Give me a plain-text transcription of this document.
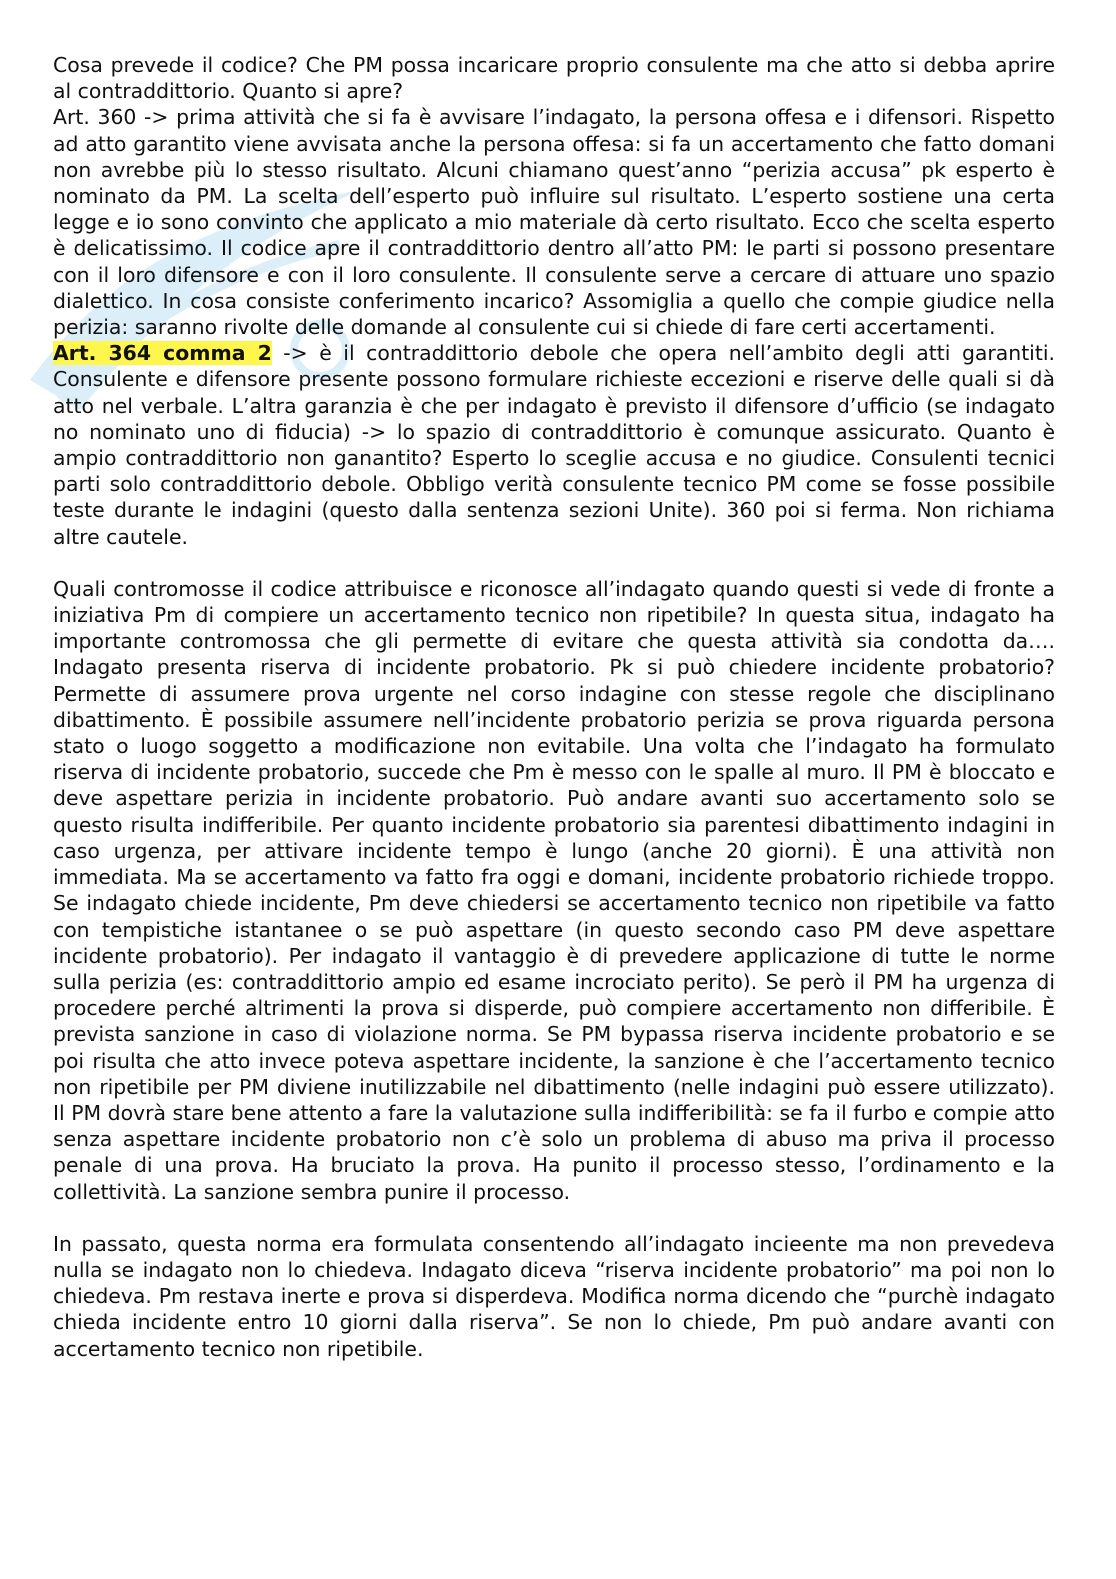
Cosa prevede il codice? Che PM possa incaricare proprio consulente ma che atto si debba aprire al contraddittorio. Quanto si apre?
Art. 360 -> prima attività che si fa è avvisare l’indagato, la persona offesa e i difensori. Rispetto ad atto garantito viene avvisata anche la persona offesa: si fa un accertamento che fatto domani non avrebbe più lo stesso risultato. Alcuni chiamano quest’anno “perizia accusa” pk esperto è nominato da PM. La scelta dell’esperto può influire sul risultato. L’esperto sostiene una certa legge e io sono convinto che applicato a mio materiale dà certo risultato. Ecco che scelta esperto è delicatissimo. Il codice apre il contraddittorio dentro all’atto PM: le parti si possono presentare con il loro difensore e con il loro consulente. Il consulente serve a cercare di attuare uno spazio dialettico. In cosa consiste conferimento incarico? Assomiglia a quello che compie giudice nella perizia: saranno rivolte delle domande al consulente cui si chiede di fare certi accertamenti.
Art. 364 comma 2 -> è il contraddittorio debole che opera nell’ambito degli atti garantiti. Consulente e difensore presente possono formulare richieste eccezioni e riserve delle quali si dà atto nel verbale. L’altra garanzia è che per indagato è previsto il difensore d’ufficio (se indagato no nominato uno di fiducia) -> lo spazio di contraddittorio è comunque assicurato. Quanto è ampio contraddittorio non ganantito? Esperto lo sceglie accusa e no giudice. Consulenti tecnici parti solo contraddittorio debole. Obbligo verità consulente tecnico PM come se fosse possibile teste durante le indagini (questo dalla sentenza sezioni Unite). 360 poi si ferma. Non richiama altre cautele.

Quali contromosse il codice attribuisce e riconosce all’indagato quando questi si vede di fronte a iniziativa Pm di compiere un accertamento tecnico non ripetibile? In questa situa, indagato ha importante contromossa che gli permette di evitare che questa attività sia condotta da…. Indagato presenta riserva di incidente probatorio. Pk si può chiedere incidente probatorio? Permette di assumere prova urgente nel corso indagine con stesse regole che disciplinano dibattimento. È possibile assumere nell’incidente probatorio perizia se prova riguarda persona stato o luogo soggetto a modificazione non evitabile. Una volta che l’indagato ha formulato riserva di incidente probatorio, succede che Pm è messo con le spalle al muro. Il PM è bloccato e deve aspettare perizia in incidente probatorio. Può andare avanti suo accertamento solo se questo risulta indifferibile. Per quanto incidente probatorio sia parentesi dibattimento indagini in caso urgenza, per attivare incidente tempo è lungo (anche 20 giorni). È una attività non immediata. Ma se accertamento va fatto fra oggi e domani, incidente probatorio richiede troppo. Se indagato chiede incidente, Pm deve chiedersi se accertamento tecnico non ripetibile va fatto con tempistiche istantanee o se può aspettare (in questo secondo caso PM deve aspettare incidente probatorio). Per indagato il vantaggio è di prevedere applicazione di tutte le norme sulla perizia (es: contraddittorio ampio ed esame incrociato perito). Se però il PM ha urgenza di procedere perché altrimenti la prova si disperde, può compiere accertamento non differibile. È prevista sanzione in caso di violazione norma. Se PM bypassa riserva incidente probatorio e se poi risulta che atto invece poteva aspettare incidente, la sanzione è che l’accertamento tecnico non ripetibile per PM diviene inutilizzabile nel dibattimento (nelle indagini può essere utilizzato). Il PM dovrà stare bene attento a fare la valutazione sulla indifferibilità: se fa il furbo e compie atto senza aspettare incidente probatorio non c’è solo un problema di abuso ma priva il processo penale di una prova. Ha bruciato la prova. Ha punito il processo stesso, l’ordinamento e la collettività. La sanzione sembra punire il processo.

In passato, questa norma era formulata consentendo all’indagato incieente ma non prevedeva nulla se indagato non lo chiedeva. Indagato diceva “riserva incidente probatorio” ma poi non lo chiedeva. Pm restava inerte e prova si disperdeva. Modifica norma dicendo che “purchè indagato chieda incidente entro 10 giorni dalla riserva”. Se non lo chiede, Pm può andare avanti con accertamento tecnico non ripetibile.
